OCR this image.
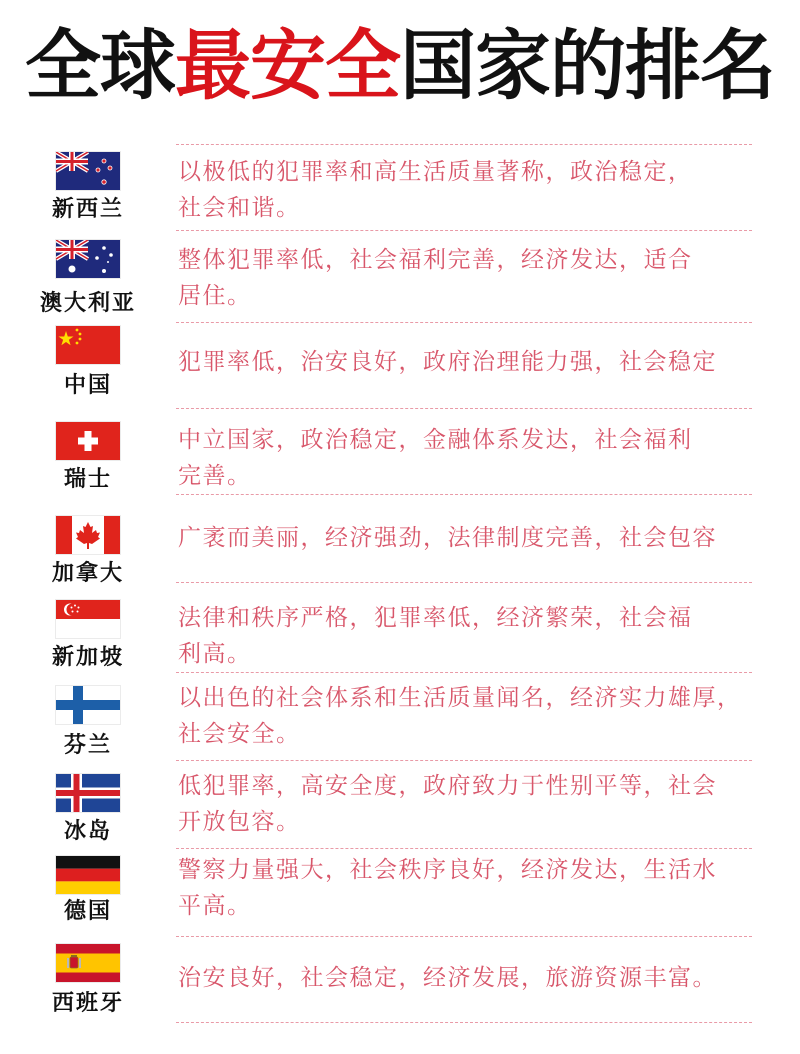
全球最安全国家的排名
新西兰
以极低的犯罪率和高生活质量著称，政治稳定，
社会和谐。
澳大利亚
整体犯罪率低，社会福利完善，经济发达，适合
居住。
中国
犯罪率低，治安良好，政府治理能力强，社会稳定
瑞士
中立国家，政治稳定，金融体系发达，社会福利
完善。
加拿大
广袤而美丽，经济强劲，法律制度完善，社会包容
新加坡
法律和秩序严格，犯罪率低，经济繁荣，社会福
利高。
芬兰
以出色的社会体系和生活质量闻名，经济实力雄厚，
社会安全。
冰岛
低犯罪率，高安全度，政府致力于性别平等，社会
开放包容。
德国
警察力量强大，社会秩序良好，经济发达，生活水
平高。
西班牙
治安良好，社会稳定，经济发展，旅游资源丰富。
